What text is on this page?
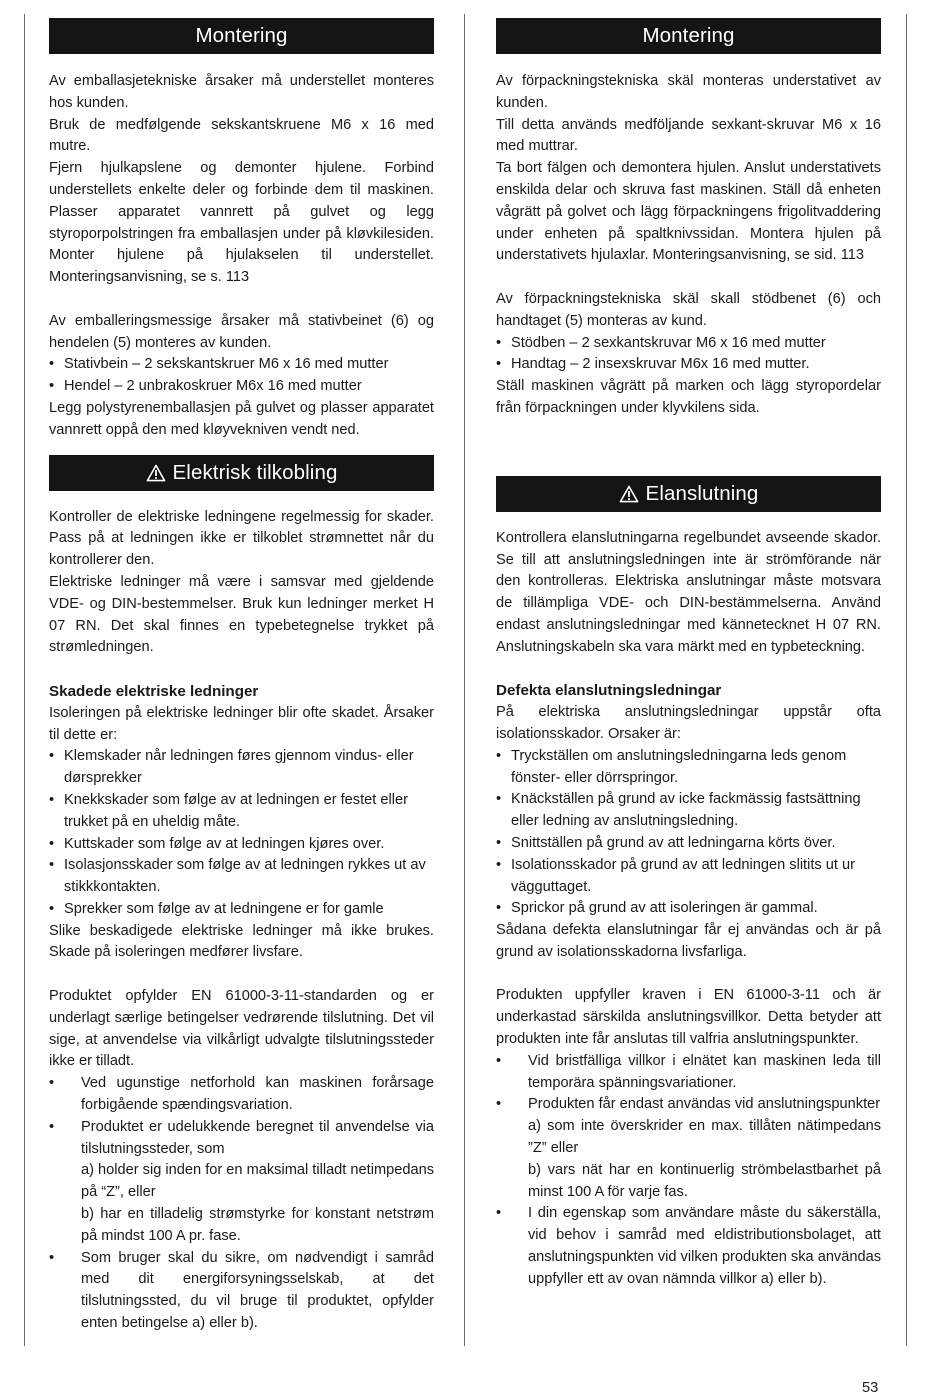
Montering

Av emballasjetekniske årsaker må understellet monteres hos kunden.

Bruk de medfølgende sekskantskruene M6 x 16 med mutre.

Fjern hjulkapslene og demonter hjulene. Forbind understellets enkelte deler og forbinde dem til maskinen. Plasser apparatet vannrett på gulvet og legg styroporpolstringen fra emballasjen under på kløvkilesiden. Monter hjulene på hjulakselen til understellet. Monteringsanvisning, se s. 113

Av emballeringsmessige årsaker må stativbeinet (6) og hendelen (5) monteres av kunden.

• Stativbein – 2 sekskantskruer M6 x 16 med mutter
• Hendel – 2 unbrakoskruer M6x 16 med mutter

Legg polystyrenemballasjen på gulvet og plasser apparatet vannrett oppå den med kløyvekniven vendt ned.

Elektrisk tilkobling

Kontroller de elektriske ledningene regelmessig for skader. Pass på at ledningen ikke er tilkoblet strømnettet når du kontrollerer den.

Elektriske ledninger må være i samsvar med gjeldende VDE- og DIN-bestemmelser. Bruk kun ledninger merket H 07 RN. Det skal finnes en typebetegnelse trykket på strømledningen.

Skadede elektriske ledninger

Isoleringen på elektriske ledninger blir ofte skadet. Årsaker til dette er:

• Klemskader når ledningen føres gjennom vindus- eller dørsprekker
• Knekkskader som følge av at ledningen er festet eller trukket på en uheldig måte.
• Kuttskader som følge av at ledningen kjøres over.
• Isolasjonsskader som følge av at ledningen rykkes ut av stikkkontakten.
• Sprekker som følge av at ledningene er for gamle

Slike beskadigede elektriske ledninger må ikke brukes. Skade på isoleringen medfører livsfare.

Produktet opfylder EN 61000-3-11-standarden og er underlagt særlige betingelser vedrørende tilslutning. Det vil sige, at anvendelse via vilkårligt udvalgte tilslutningssteder ikke er tilladt.

• Ved ugunstige netforhold kan maskinen forårsage forbigående spændingsvariation.
• Produktet er udelukkende beregnet til anvendelse via tilslutningssteder, som
a) holder sig inden for en maksimal tilladt netimpedans på “Z”, eller
b) har en tilladelig strømstyrke for konstant netstrøm på mindst 100 A pr. fase.
• Som bruger skal du sikre, om nødvendigt i samråd med dit energiforsyningsselskab, at det tilslutningssted, du vil bruge til produktet, opfylder enten betingelse a) eller b).
Montering

Av förpackningstekniska skäl monteras understativet av kunden.

Till detta används medföljande sexkant-skruvar M6 x 16 med muttrar.

Ta bort fälgen och demontera hjulen. Anslut understativets enskilda delar och skruva fast maskinen. Ställ då enheten vågrätt på golvet och lägg förpackningens frigolitvaddering under enheten på spaltknivssidan. Montera hjulen på understativets hjulaxlar. Monteringsanvisning, se sid. 113

Av förpackningstekniska skäl skall stödbenet (6) och handtaget (5) monteras av kund.

• Stödben – 2 sexkantskruvar M6 x 16 med mutter
• Handtag – 2 insexskruvar M6x 16 med mutter.

Ställ maskinen vågrätt på marken och lägg styropordelar från förpackningen under klyvkilens sida.

Elanslutning

Kontrollera elanslutningarna regelbundet avseende skador. Se till att anslutningsledningen inte är strömförande när den kontrolleras. Elektriska anslutningar måste motsvara de tillämpliga VDE- och DIN-bestämmelserna. Använd endast anslutningsledningar med kännetecknet H 07 RN. Anslutningskabeln ska vara märkt med en typbeteckning.

Defekta elanslutningsledningar

På elektriska anslutningsledningar uppstår ofta isolationsskador. Orsaker är:

• Tryckställen om anslutningsledningarna leds genom fönster- eller dörrspringor.
• Knäckställen på grund av icke fackmässig fastsättning eller ledning av anslutningsledning.
• Snittställen på grund av att ledningarna körts över.
• Isolationsskador på grund av att ledningen slitits ut ur vägguttaget.
• Sprickor på grund av att isoleringen är gammal.

Sådana defekta elanslutningar får ej användas och är på grund av isolationsskadorna livsfarliga.

Produkten uppfyller kraven i EN 61000-3-11 och är underkastad särskilda anslutningsvillkor. Detta betyder att produkten inte får anslutas till valfria anslutningspunkter.

• Vid bristfälliga villkor i elnätet kan maskinen leda till temporära spänningsvariationer.
• Produkten får endast användas vid anslutningspunkter
a) som inte överskrider en max. tillåten nätimpedans ”Z” eller
b) vars nät har en kontinuerlig strömbelastbarhet på minst 100 A för varje fas.
• I din egenskap som användare måste du säkerställa, vid behov i samråd med eldistributionsbolaget, att anslutningspunkten vid vilken produkten ska användas uppfyller ett av ovan nämnda villkor a) eller b).
53
